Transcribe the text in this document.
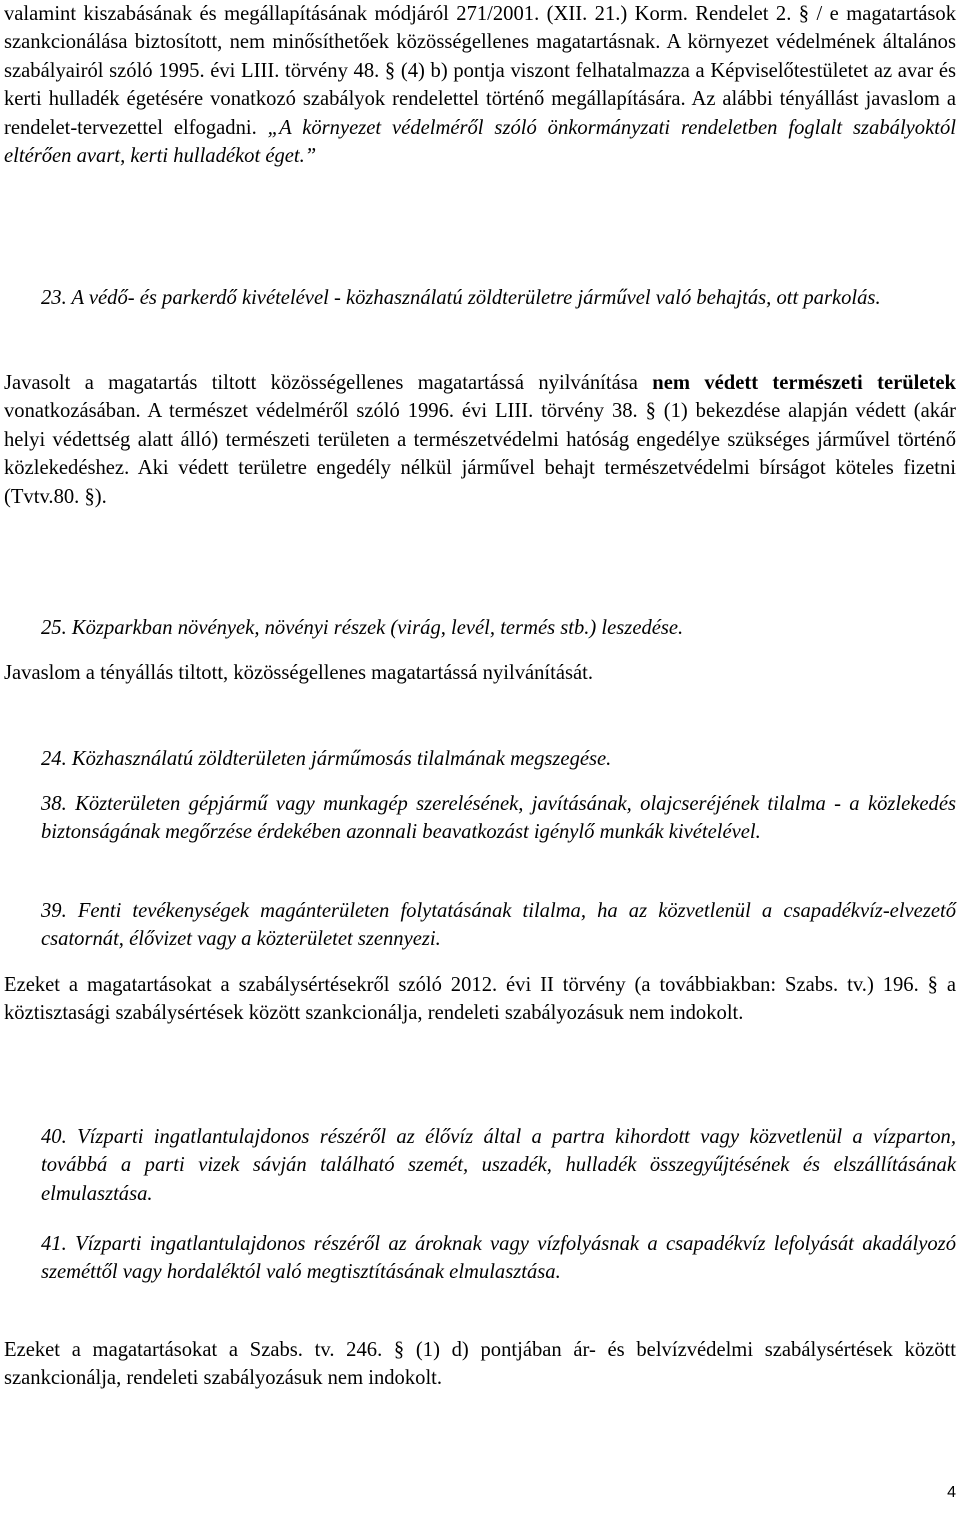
valamint kiszabásának és megállapításának módjáról 271/2001. (XII. 21.) Korm. Rendelet 2. § / e magatartások szankcionálása biztosított, nem minősíthetőek közösségellenes magatartásnak. A környezet védelmének általános szabályairól szóló 1995. évi LIII. törvény 48. § (4) b) pontja viszont felhatalmazza a Képviselőtestületet az avar és kerti hulladék égetésére vonatkozó szabályok rendelettel történő megállapítására. Az alábbi tényállást javaslom a rendelet-tervezettel elfogadni. „A környezet védelméről szóló önkormányzati rendeletben foglalt szabályoktól eltérően avart, kerti hulladékot éget.”

23. A védő- és parkerdő kivételével - közhasználatú zöldterületre járművel való behajtás, ott parkolás.

Javasolt a magatartás tiltott közösségellenes magatartássá nyilvánítása nem védett természeti területek vonatkozásában. A természet védelméről szóló 1996. évi LIII. törvény 38. § (1) bekezdése alapján védett (akár helyi védettség alatt álló) természeti területen a természetvédelmi hatóság engedélye szükséges járművel történő közlekedéshez. Aki védett területre engedély nélkül járművel behajt természetvédelmi bírságot köteles fizetni (Tvtv.80. §).

25. Közparkban növények, növényi részek (virág, levél, termés stb.) leszedése.

Javaslom a tényállás tiltott, közösségellenes magatartássá nyilvánítását.

24. Közhasználatú zöldterületen járműmosás tilalmának megszegése.

38. Közterületen gépjármű vagy munkagép szerelésének, javításának, olajcseréjének tilalma - a közlekedés biztonságának megőrzése érdekében azonnali beavatkozást igénylő munkák kivételével.

39. Fenti tevékenységek magánterületen folytatásának tilalma, ha az közvetlenül a csapadékvíz-elvezető csatornát, élővizet vagy a közterületet szennyezi.

Ezeket a magatartásokat a szabálysértésekről szóló 2012. évi II törvény (a továbbiakban: Szabs. tv.) 196. § a köztisztasági szabálysértések között szankcionálja, rendeleti szabályozásuk nem indokolt.

40. Vízparti ingatlantulajdonos részéről az élővíz által a partra kihordott vagy közvetlenül a vízparton, továbbá a parti vizek sávján található szemét, uszadék, hulladék összegyűjtésének és elszállításának elmulasztása.

41. Vízparti ingatlantulajdonos részéről az ároknak vagy vízfolyásnak a csapadékvíz lefolyását akadályozó szeméttől vagy hordaléktól való megtisztításának elmulasztása.

Ezeket a magatartásokat a Szabs. tv. 246. § (1) d) pontjában ár- és belvízvédelmi szabálysértések között szankcionálja, rendeleti szabályozásuk nem indokolt.

4
